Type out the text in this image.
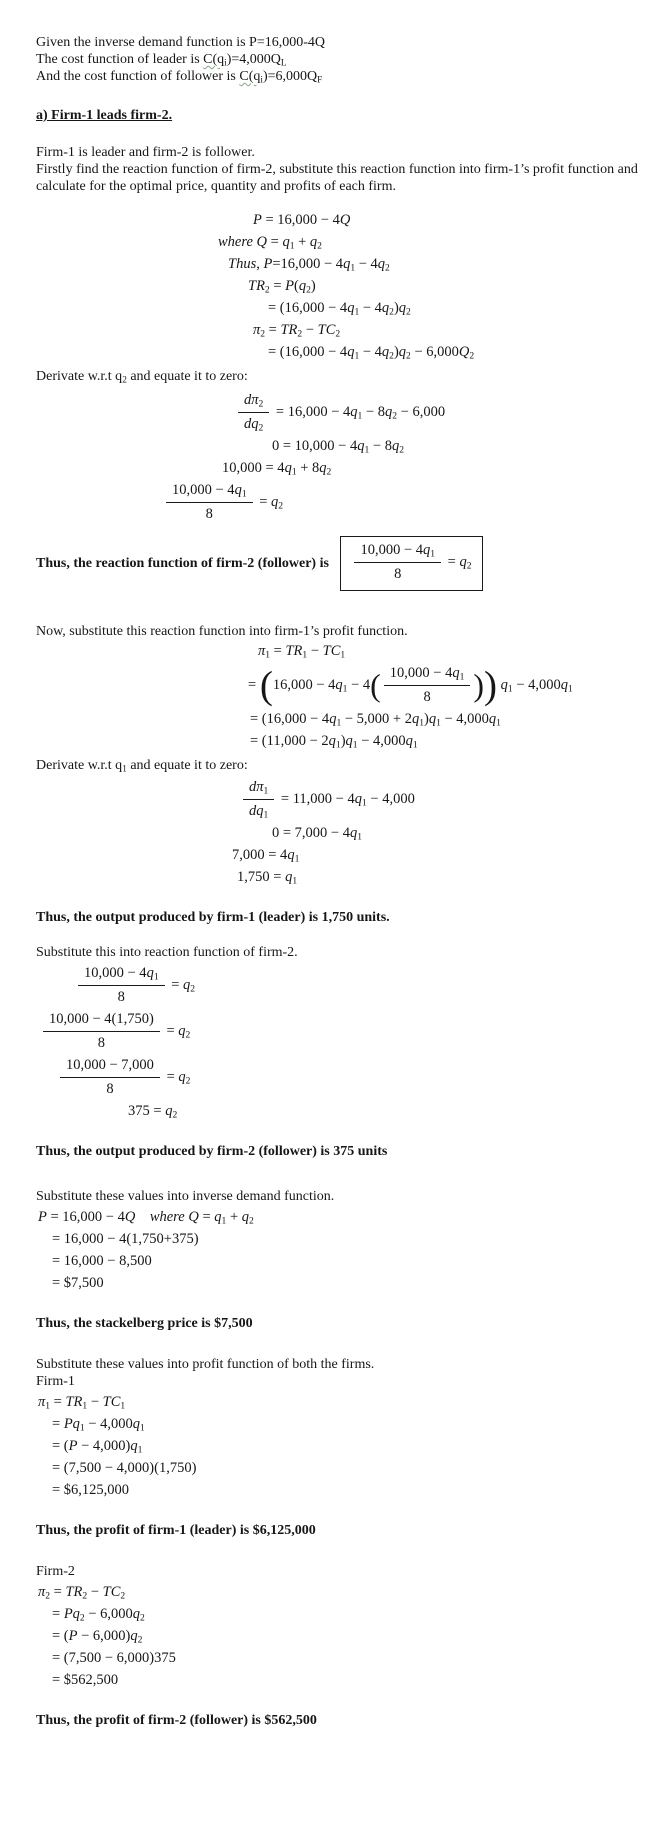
Given the inverse demand function is P=16,000-4Q
The cost function of leader is $C(q_i)=4,000Q_L$
And the cost function of follower is $C(q_i)=6,000Q_F$
a) Firm-1 leads firm-2.
Firm-1 is leader and firm-2 is follower.
Firstly find the reaction function of firm-2, substitute this reaction function into firm-1’s profit function and calculate for the optimal price, quantity and profits of each firm.
P = 16,000 − 4Q
where $Q = q_1 + q_2$
Thus, $P=16,000 - 4q_1 - 4q_2$
$TR_2 = P(q_2)$
= $(16,000 - 4q_1 - 4q_2)q_2$
$\pi_2 = TR_2 - TC_2$
= $(16,000 - 4q_1 - 4q_2)q_2 - 6,000Q_2$
Derivate w.r.t $q_2$ and equate it to zero:
$\frac{d\pi_2}{dq_2} = 16,000 - 4q_1 - 8q_2 - 6,000$
$0 = 10,000 - 4q_1 - 8q_2$
$10,000 = 4q_1 + 8q_2$
$\frac{10,000 - 4q_1}{8} = q_2$
Thus, the reaction function of firm-2 (follower) is $\frac{10,000 - 4q_1}{8} = q_2$
Now, substitute this reaction function into firm-1’s profit function.
$\pi_1 = TR_1 - TC_1$
= ( $16,000 - 4q_1 - 4$ ( $\frac{10,000 - 4q_1}{8}$ ) ) $q_1 - 4,000q_1$
= $(16,000 - 4q_1 - 5,000 + 2q_1)q_1 - 4,000q_1$
= $(11,000 - 2q_1)q_1 - 4,000q_1$
Derivate w.r.t $q_1$ and equate it to zero:
$\frac{d\pi_1}{dq_1} = 11,000 - 4q_1 - 4,000$
$0 = 7,000 - 4q_1$
$7,000 = 4q_1$
$1,750 = q_1$
Thus, the output produced by firm-1 (leader) is 1,750 units.
Substitute this into reaction function of firm-2.
$\frac{10,000 - 4q_1}{8} = q_2$
$\frac{10,000 - 4(1,750)}{8} = q_2$
$\frac{10,000 - 7,000}{8} = q_2$
$375 = q_2$
Thus, the output produced by firm-2 (follower) is 375 units
Substitute these values into inverse demand function.
P = 16,000 − 4Q where $Q = q_1 + q_2$
= 16,000 − 4(1,750+375)
= 16,000 − 8,500
= $7,500
Thus, the stackelberg price is $7,500
Substitute these values into profit function of both the firms.
Firm-1
$\pi_1 = TR_1 - TC_1$
= $Pq_1 - 4,000q_1$
= $(P - 4,000)q_1$
= (7,500 − 4,000)(1,750)
= $6,125,000
Thus, the profit of firm-1 (leader) is $6,125,000
Firm-2
$\pi_2 = TR_2 - TC_2$
= $Pq_2 - 6,000q_2$
= $(P - 6,000)q_2$
= (7,500 − 6,000)375
= $562,500
Thus, the profit of firm-2 (follower) is $562,500
